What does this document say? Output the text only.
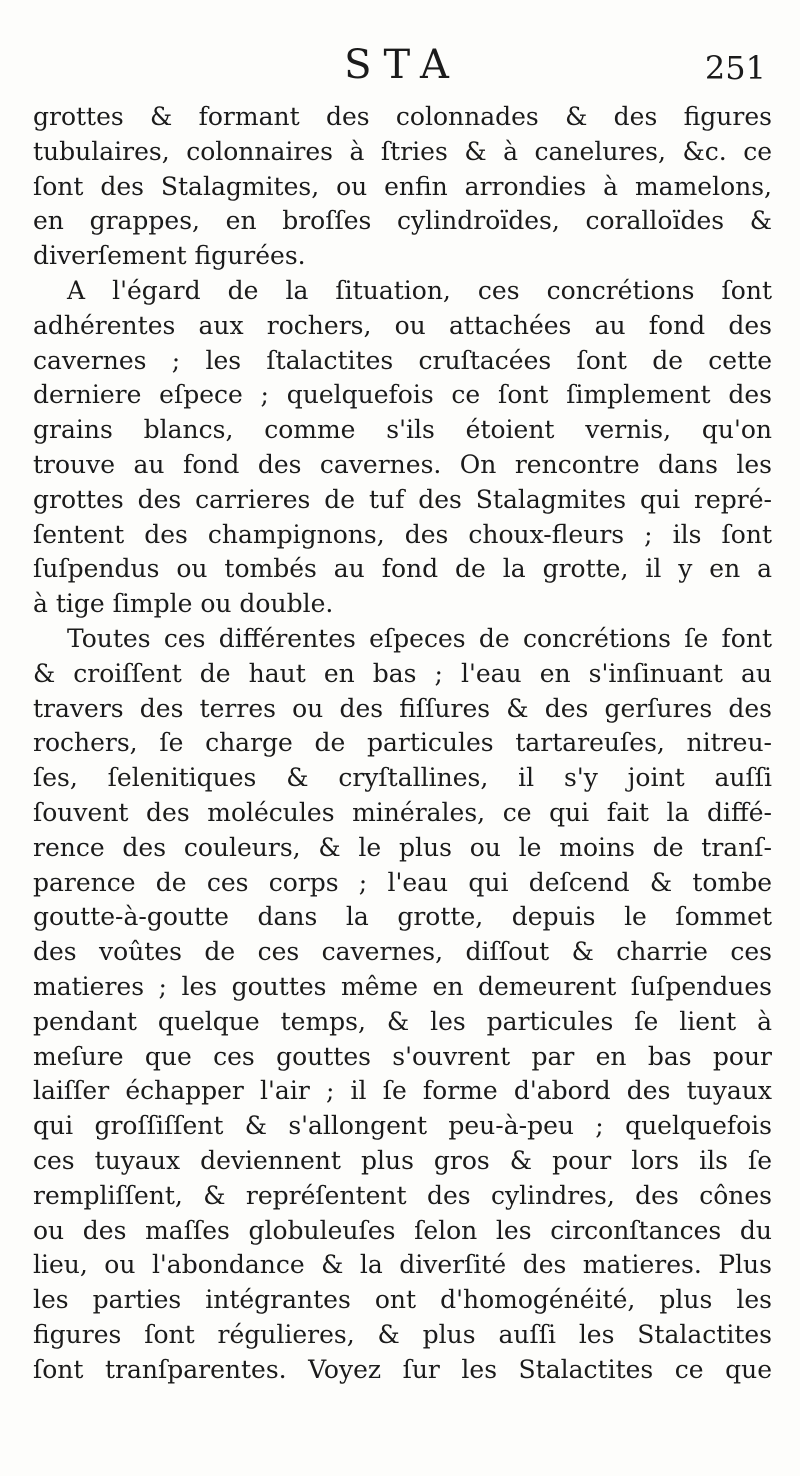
STA	251
grottes & formant des colonnades & des figures
tubulaires, colonnaires à ſtries & à canelures, &c. ce
ſont des Stalagmites, ou enfin arrondies à mamelons,
en grappes, en broſſes cylindroïdes, coralloïdes &
diverſement figurées.
A l'égard de la ſituation, ces concrétions ſont
adhérentes aux rochers, ou attachées au fond des
cavernes ; les ſtalactites cruſtacées ſont de cette
derniere eſpece ; quelquefois ce ſont ſimplement des
grains blancs, comme s'ils étoient vernis, qu'on
trouve au fond des cavernes. On rencontre dans les
grottes des carrieres de tuf des Stalagmites qui repré-
ſentent des champignons, des choux-fleurs ; ils ſont
ſuſpendus ou tombés au fond de la grotte, il y en a
à tige ſimple ou double.
Toutes ces différentes eſpeces de concrétions ſe font
& croiſſent de haut en bas ; l'eau en s'inſinuant au
travers des terres ou des fiſſures & des gerſures des
rochers, ſe charge de particules tartareuſes, nitreu-
ſes, ſelenitiques & cryſtallines, il s'y joint auſſi
ſouvent des molécules minérales, ce qui fait la diffé-
rence des couleurs, & le plus ou le moins de tranſ-
parence de ces corps ; l'eau qui deſcend & tombe
goutte-à-goutte dans la grotte, depuis le ſommet
des voûtes de ces cavernes, diſſout & charrie ces
matieres ; les gouttes même en demeurent ſuſpendues
pendant quelque temps, & les particules ſe lient à
meſure que ces gouttes s'ouvrent par en bas pour
laiſſer échapper l'air ; il ſe forme d'abord des tuyaux
qui groſſiſſent & s'allongent peu-à-peu ; quelquefois
ces tuyaux deviennent plus gros & pour lors ils ſe
rempliſſent, & repréſentent des cylindres, des cônes
ou des maſſes globuleuſes ſelon les circonſtances du
lieu, ou l'abondance & la diverſité des matieres. Plus
les parties intégrantes ont d'homogénéité, plus les
figures ſont régulieres, & plus auſſi les Stalactites
ſont tranſparentes. Voyez ſur les Stalactites ce que
